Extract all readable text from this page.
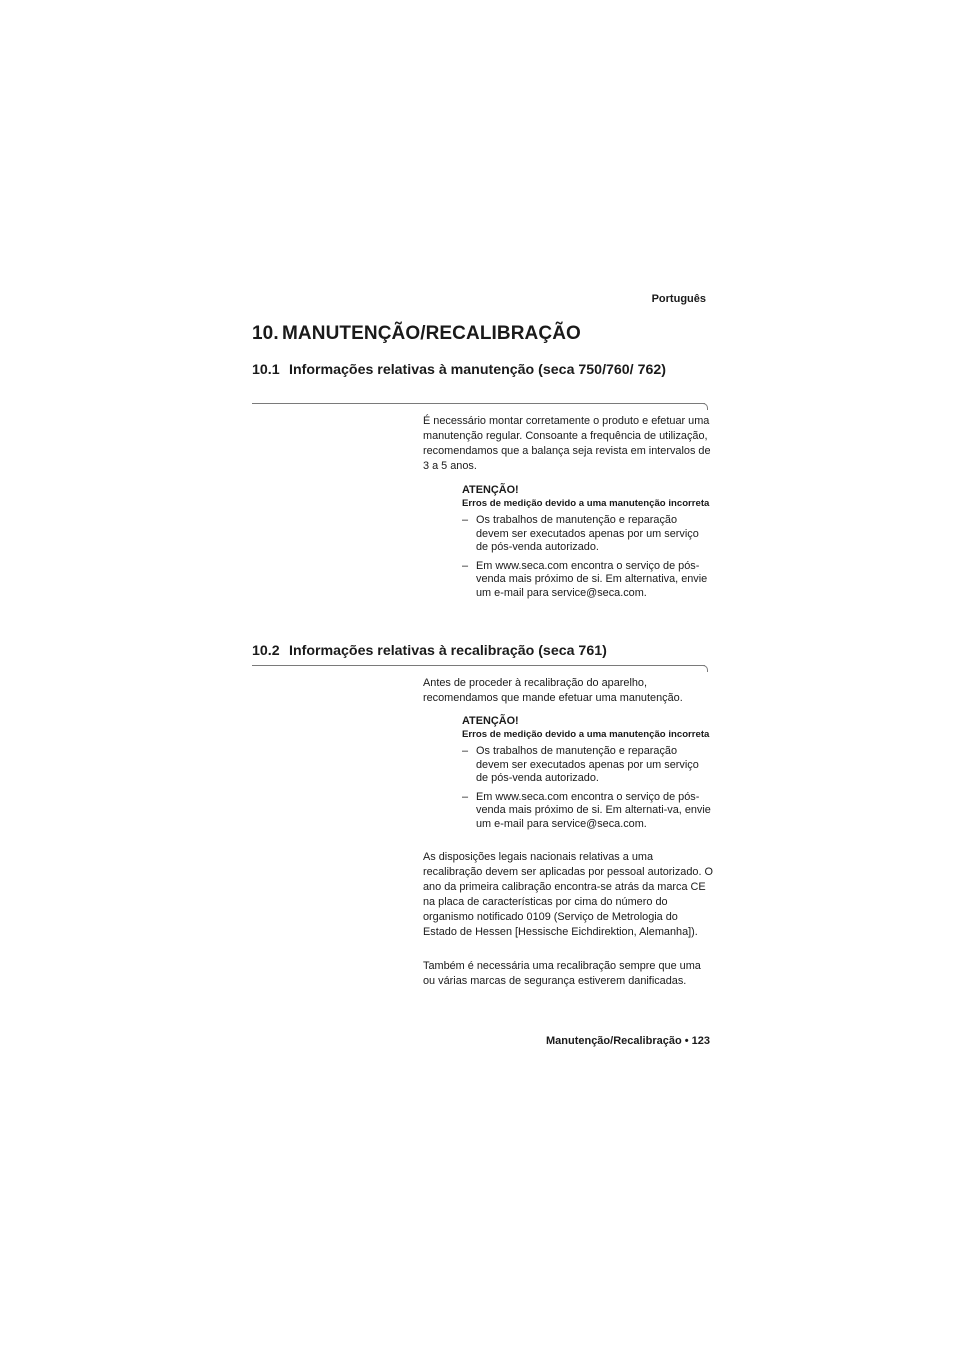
Português
10. MANUTENÇÃO/RECALIBRAÇÃO
10.1 Informações relativas à manutenção (seca 750/760/ 762)

É necessário montar corretamente o produto e efetuar uma manutenção regular. Consoante a frequência de utilização, recomendamos que a balança seja revista em intervalos de 3 a 5 anos.

ATENÇÃO!
Erros de medição devido a uma manutenção incorreta
– Os trabalhos de manutenção e reparação devem ser executados apenas por um serviço de pós-venda autorizado.
– Em www.seca.com encontra o serviço de pós-venda mais próximo de si. Em alternativa, envie um e-mail para service@seca.com.
10.2 Informações relativas à recalibração (seca 761)

Antes de proceder à recalibração do aparelho, recomendamos que mande efetuar uma manutenção.

ATENÇÃO!
Erros de medição devido a uma manutenção incorreta
– Os trabalhos de manutenção e reparação devem ser executados apenas por um serviço de pós-venda autorizado.
– Em www.seca.com encontra o serviço de pós-venda mais próximo de si. Em alternati-va, envie um e-mail para service@seca.com.

As disposições legais nacionais relativas a uma recalibração devem ser aplicadas por pessoal autorizado. O ano da primeira calibração encontra-se atrás da marca CE na placa de características por cima do número do organismo notificado 0109 (Serviço de Metrologia do Estado de Hessen [Hessische Eichdirektion, Alemanha]).

Também é necessária uma recalibração sempre que uma ou várias marcas de segurança estiverem danificadas.

Manutenção/Recalibração • 123
